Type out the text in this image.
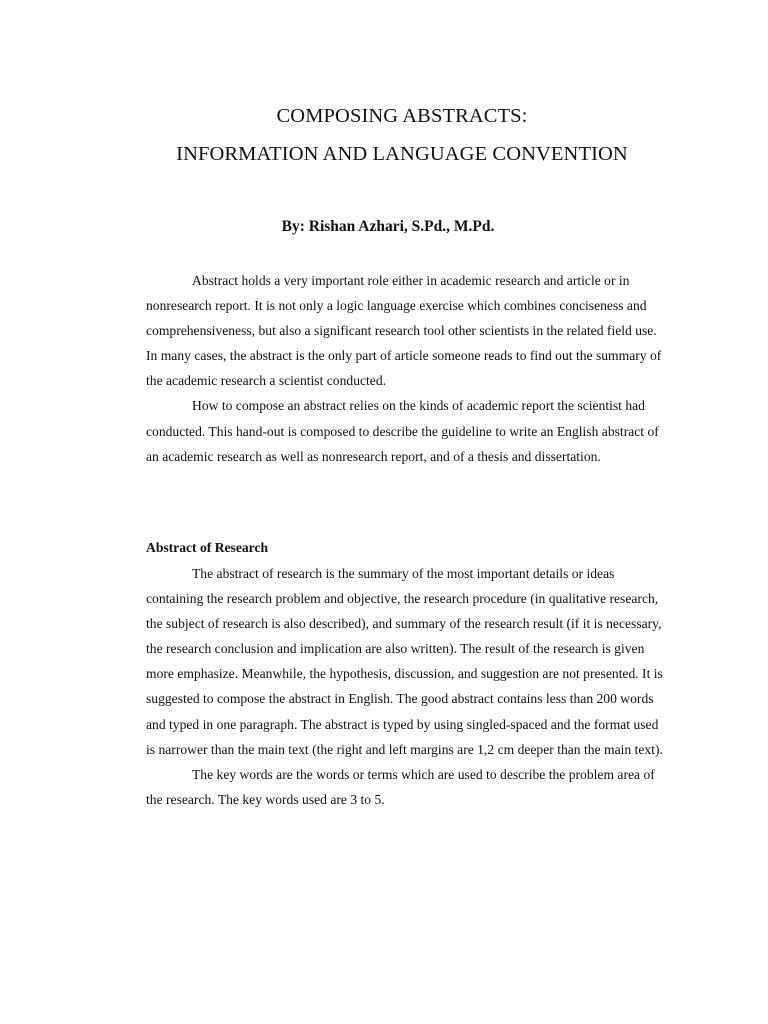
COMPOSING ABSTRACTS:
INFORMATION AND LANGUAGE CONVENTION
By: Rishan Azhari, S.Pd., M.Pd.

Abstract holds a very important role either in academic research and article or in nonresearch report. It is not only a logic language exercise which combines conciseness and comprehensiveness, but also a significant research tool other scientists in the related field use. In many cases, the abstract is the only part of article someone reads to find out the summary of the academic research a scientist conducted.

How to compose an abstract relies on the kinds of academic report the scientist had conducted. This hand-out is composed to describe the guideline to write an English abstract of an academic research as well as nonresearch report, and of a thesis and dissertation.

Abstract of Research

The abstract of research is the summary of the most important details or ideas containing the research problem and objective, the research procedure (in qualitative research, the subject of research is also described), and summary of the research result (if it is necessary, the research conclusion and implication are also written). The result of the research is given more emphasize. Meanwhile, the hypothesis, discussion, and suggestion are not presented. It is suggested to compose the abstract in English. The good abstract contains less than 200 words and typed in one paragraph. The abstract is typed by using singled-spaced and the format used is narrower than the main text (the right and left margins are 1,2 cm deeper than the main text).

The key words are the words or terms which are used to describe the problem area of the research. The key words used are 3 to 5.
